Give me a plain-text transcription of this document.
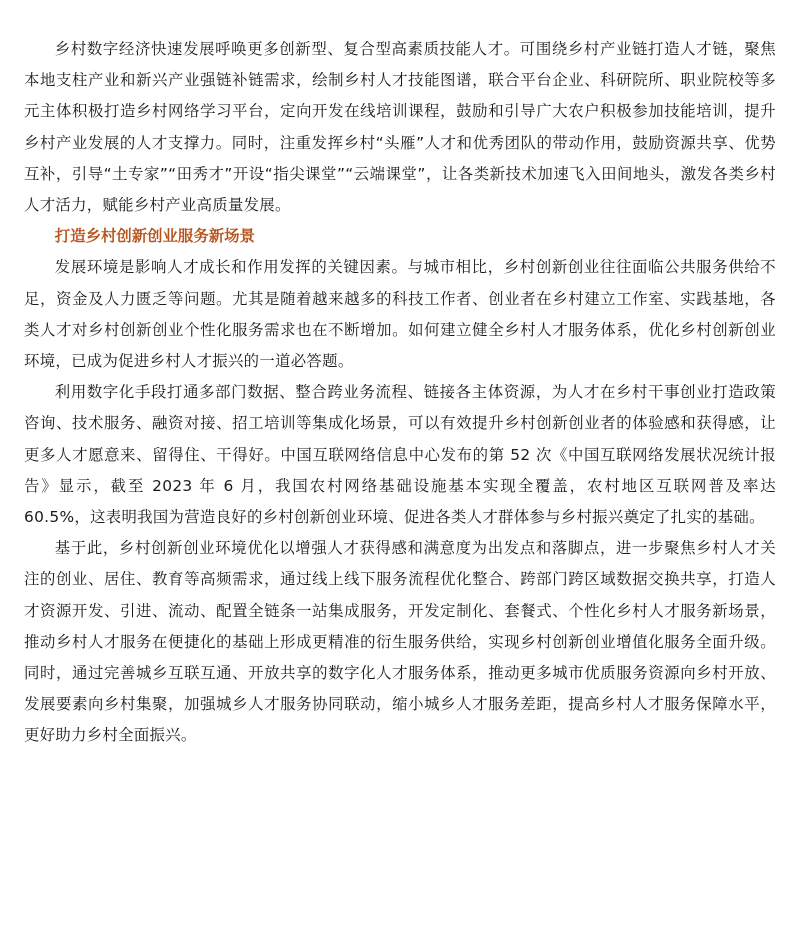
乡村数字经济快速发展呼唤更多创新型、复合型高素质技能人才。可围绕乡村产业链打造人才链，聚焦本地支柱产业和新兴产业强链补链需求，绘制乡村人才技能图谱，联合平台企业、科研院所、职业院校等多元主体积极打造乡村网络学习平台，定向开发在线培训课程，鼓励和引导广大农户积极参加技能培训，提升乡村产业发展的人才支撑力。同时，注重发挥乡村“头雁”人才和优秀团队的带动作用，鼓励资源共享、优势互补，引导“土专家”“田秀才”开设“指尖课堂”“云端课堂”，让各类新技术加速飞入田间地头，激发各类乡村人才活力，赋能乡村产业高质量发展。

打造乡村创新创业服务新场景

发展环境是影响人才成长和作用发挥的关键因素。与城市相比，乡村创新创业往往面临公共服务供给不足，资金及人力匮乏等问题。尤其是随着越来越多的科技工作者、创业者在乡村建立工作室、实践基地，各类人才对乡村创新创业个性化服务需求也在不断增加。如何建立健全乡村人才服务体系，优化乡村创新创业环境，已成为促进乡村人才振兴的一道必答题。

利用数字化手段打通多部门数据、整合跨业务流程、链接各主体资源，为人才在乡村干事创业打造政策咨询、技术服务、融资对接、招工培训等集成化场景，可以有效提升乡村创新创业者的体验感和获得感，让更多人才愿意来、留得住、干得好。中国互联网络信息中心发布的第 52 次《中国互联网络发展状况统计报告》显示，截至 2023 年 6 月，我国农村网络基础设施基本实现全覆盖，农村地区互联网普及率达 60.5%，这表明我国为营造良好的乡村创新创业环境、促进各类人才群体参与乡村振兴奠定了扎实的基础。

基于此，乡村创新创业环境优化以增强人才获得感和满意度为出发点和落脚点，进一步聚焦乡村人才关注的创业、居住、教育等高频需求，通过线上线下服务流程优化整合、跨部门跨区域数据交换共享，打造人才资源开发、引进、流动、配置全链条一站集成服务，开发定制化、套餐式、个性化乡村人才服务新场景，推动乡村人才服务在便捷化的基础上形成更精准的衍生服务供给，实现乡村创新创业增值化服务全面升级。同时，通过完善城乡互联互通、开放共享的数字化人才服务体系，推动更多城市优质服务资源向乡村开放、发展要素向乡村集聚，加强城乡人才服务协同联动，缩小城乡人才服务差距，提高乡村人才服务保障水平，更好助力乡村全面振兴。
